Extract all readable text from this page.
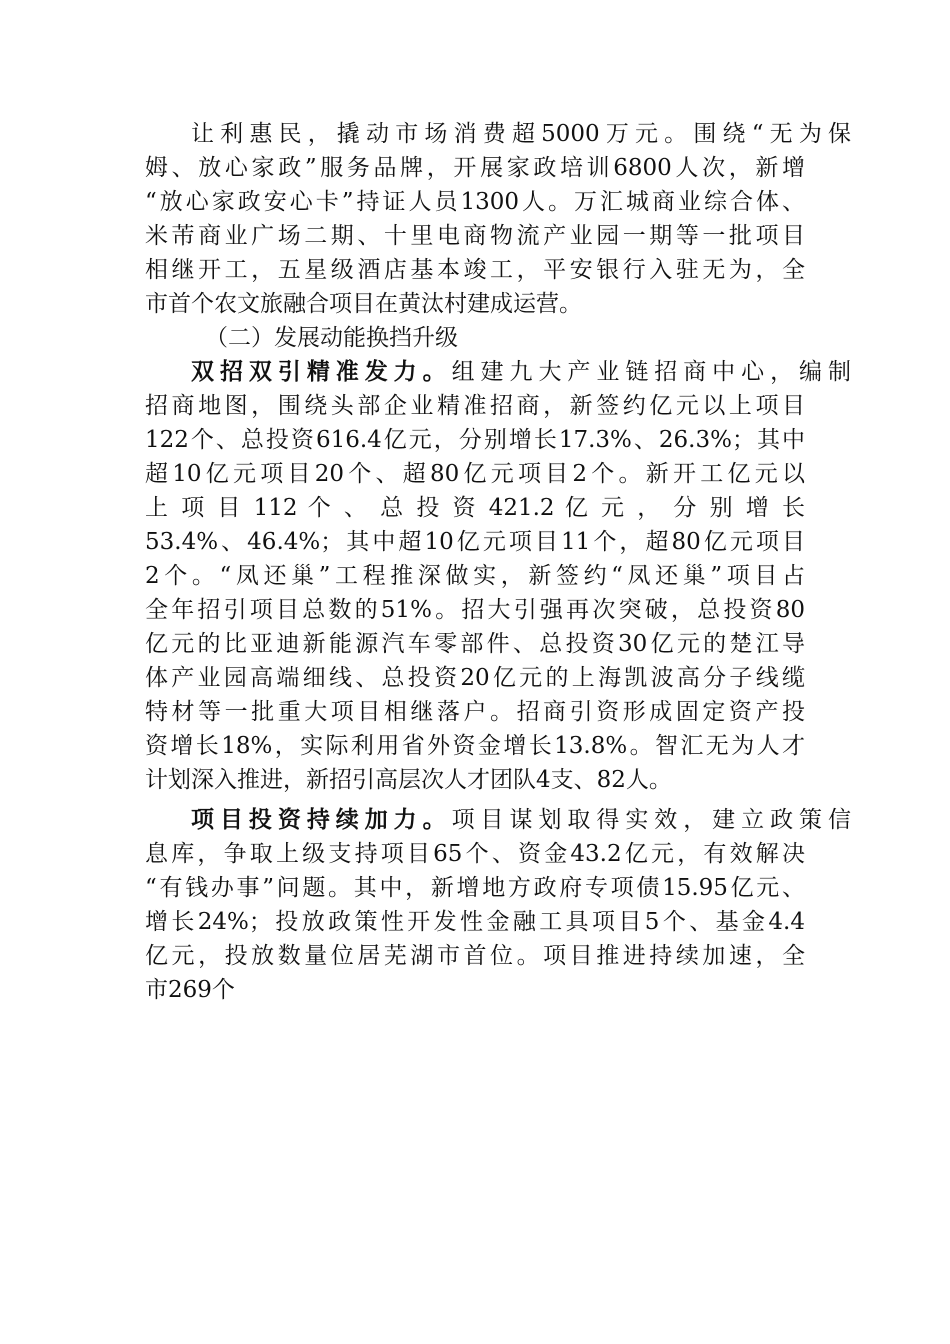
让利惠民，撬动市场消费超5000万元。围绕“无为保
姆、放心家政”服务品牌，开展家政培训6800人次，新增
“放心家政安心卡”持证人员1300人。万汇城商业综合体、
米芾商业广场二期、十里电商物流产业园一期等一批项目
相继开工，五星级酒店基本竣工，平安银行入驻无为，全
市首个农文旅融合项目在黄汰村建成运营。
（二）发展动能换挡升级
双招双引精准发力。组建九大产业链招商中心，编制
招商地图，围绕头部企业精准招商，新签约亿元以上项目
122个、总投资616.4亿元，分别增长17.3%、26.3%；其中
超10亿元项目20个、超80亿元项目2个。新开工亿元以
上 项 目 112 个 、 总 投 资 421.2 亿 元 ， 分 别 增 长
53.4%、46.4%；其中超10亿元项目11个，超80亿元项目
2个。“凤还巢”工程推深做实，新签约“凤还巢”项目占
全年招引项目总数的51%。招大引强再次突破，总投资80
亿元的比亚迪新能源汽车零部件、总投资30亿元的楚江导
体产业园高端细线、总投资20亿元的上海凯波高分子线缆
特材等一批重大项目相继落户。招商引资形成固定资产投
资增长18%，实际利用省外资金增长13.8%。智汇无为人才
计划深入推进，新招引高层次人才团队4支、82人。
项目投资持续加力。项目谋划取得实效，建立政策信
息库，争取上级支持项目65个、资金43.2亿元，有效解决
“有钱办事”问题。其中，新增地方政府专项债15.95亿元、
增长24%；投放政策性开发性金融工具项目5个、基金4.4
亿元，投放数量位居芜湖市首位。项目推进持续加速，全
市269个
